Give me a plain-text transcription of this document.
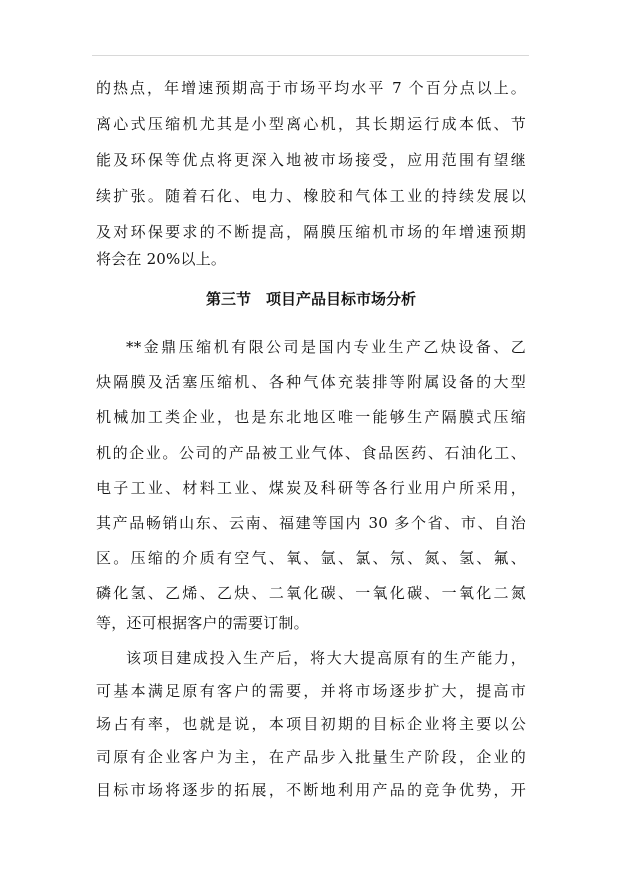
的热点，年增速预期高于市场平均水平 7 个百分点以上。
离心式压缩机尤其是小型离心机，其长期运行成本低、节
能及环保等优点将更深入地被市场接受，应用范围有望继
续扩张。随着石化、电力、橡胶和气体工业的持续发展以
及对环保要求的不断提高，隔膜压缩机市场的年增速预期
将会在 20%以上。
第三节　项目产品目标市场分析
**金鼎压缩机有限公司是国内专业生产乙炔设备、乙
炔隔膜及活塞压缩机、各种气体充装排等附属设备的大型
机械加工类企业，也是东北地区唯一能够生产隔膜式压缩
机的企业。公司的产品被工业气体、食品医药、石油化工、
电子工业、材料工业、煤炭及科研等各行业用户所采用，
其产品畅销山东、云南、福建等国内 30 多个省、市、自治
区。压缩的介质有空气、氧、氩、氯、氖、氮、氢、氟、
磷化氢、乙烯、乙炔、二氧化碳、一氧化碳、一氧化二氮
等，还可根据客户的需要订制。
该项目建成投入生产后，将大大提高原有的生产能力，
可基本满足原有客户的需要，并将市场逐步扩大，提高市
场占有率，也就是说，本项目初期的目标企业将主要以公
司原有企业客户为主，在产品步入批量生产阶段，企业的
目标市场将逐步的拓展，不断地利用产品的竞争优势，开
